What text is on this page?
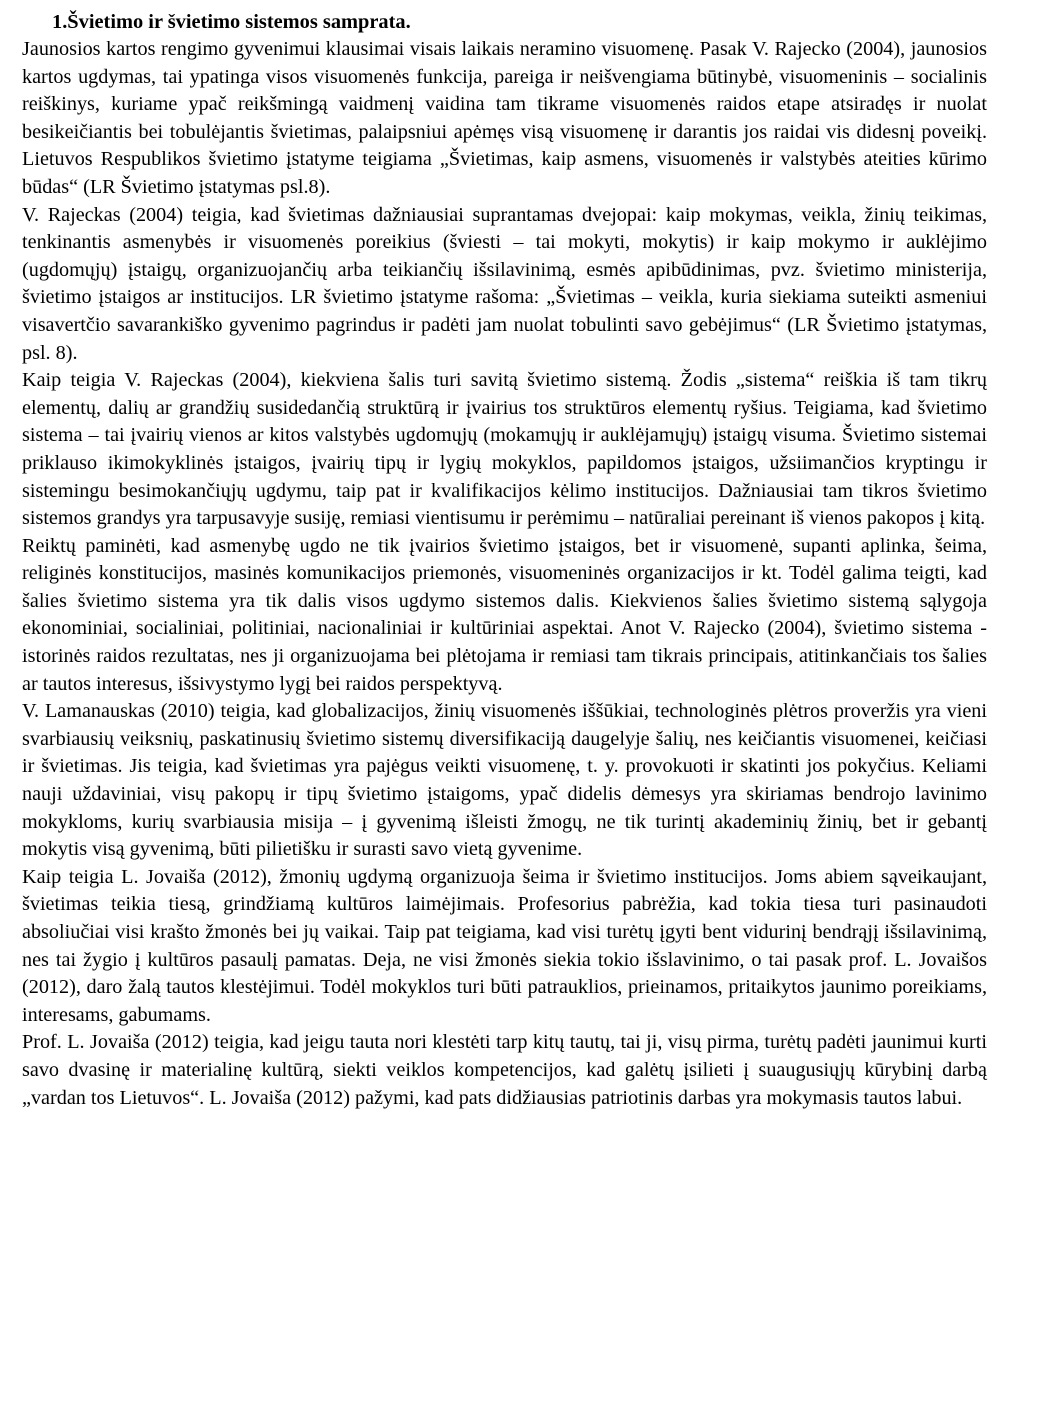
1.Švietimo ir švietimo sistemos samprata.

Jaunosios kartos rengimo gyvenimui klausimai visais laikais neramino visuomenę. Pasak V. Rajecko (2004), jaunosios kartos ugdymas, tai ypatinga visos visuomenės funkcija, pareiga ir neišvengiama būtinybė, visuomeninis – socialinis reiškinys, kuriame ypač reikšmingą vaidmenį vaidina tam tikrame visuomenės raidos etape atsiradęs ir nuolat besikeičiantis bei tobulėjantis švietimas, palaipsniui apėmęs visą visuomenę ir darantis jos raidai vis didesnį poveikį. Lietuvos Respublikos švietimo įstatyme teigiama „Švietimas, kaip asmens, visuomenės ir valstybės ateities kūrimo būdas“ (LR Švietimo įstatymas psl.8).

V. Rajeckas (2004) teigia, kad švietimas dažniausiai suprantamas dvejopai: kaip mokymas, veikla, žinių teikimas, tenkinantis asmenybės ir visuomenės poreikius (šviesti – tai mokyti, mokytis) ir kaip mokymo ir auklėjimo (ugdomųjų) įstaigų, organizuojančių arba teikiančių išsilavinimą, esmės apibūdinimas, pvz. švietimo ministerija, švietimo įstaigos ar institucijos. LR švietimo įstatyme rašoma: „Švietimas – veikla, kuria siekiama suteikti asmeniui visavertčio savarankiško gyvenimo pagrindus ir padėti jam nuolat tobulinti savo gebėjimus“ (LR Švietimo įstatymas, psl. 8).

Kaip teigia V. Rajeckas (2004), kiekviena šalis turi savitą švietimo sistemą. Žodis „sistema“ reiškia iš tam tikrų elementų, dalių ar grandžių susidedančią struktūrą ir įvairius tos struktūros elementų ryšius. Teigiama, kad švietimo sistema – tai įvairių vienos ar kitos valstybės ugdomųjų (mokamųjų ir auklėjamųjų) įstaigų visuma. Švietimo sistemai priklauso ikimokyklinės įstaigos, įvairių tipų ir lygių mokyklos, papildomos įstaigos, užsiimančios kryptingu ir sistemingu besimokančiųjų ugdymu, taip pat ir kvalifikacijos kėlimo institucijos. Dažniausiai tam tikros švietimo sistemos grandys yra tarpusavyje susiję, remiasi vientisumu ir perėmimu – natūraliai pereinant iš vienos pakopos į kitą.

Reiktų paminėti, kad asmenybę ugdo ne tik įvairios švietimo įstaigos, bet ir visuomenė, supanti aplinka, šeima, religinės konstitucijos, masinės komunikacijos priemonės, visuomeninės organizacijos ir kt. Todėl galima teigti, kad šalies švietimo sistema yra tik dalis visos ugdymo sistemos dalis. Kiekvienos šalies švietimo sistemą sąlygoja ekonominiai, socialiniai, politiniai, nacionaliniai ir kultūriniai aspektai. Anot V. Rajecko (2004), švietimo sistema - istorinės raidos rezultatas, nes ji organizuojama bei plėtojama ir remiasi tam tikrais principais, atitinkančiais tos šalies ar tautos interesus, išsivystymo lygį bei raidos perspektyvą.

V. Lamanauskas (2010) teigia, kad globalizacijos, žinių visuomenės iššūkiai, technologinės plėtros proveržis yra vieni svarbiausių veiksnių, paskatinusių švietimo sistemų diversifikaciją daugelyje šalių, nes keičiantis visuomenei, keičiasi ir švietimas. Jis teigia, kad švietimas yra pajėgus veikti visuomenę, t. y. provokuoti ir skatinti jos pokyčius. Keliami nauji uždaviniai, visų pakopų ir tipų švietimo įstaigoms, ypač didelis dėmesys yra skiriamas bendrojo lavinimo mokykloms, kurių svarbiausia misija – į gyvenimą išleisti žmogų, ne tik turintį akademinių žinių, bet ir gebantį mokytis visą gyvenimą, būti pilietišku ir surasti savo vietą gyvenime.

Kaip teigia L. Jovaiša (2012), žmonių ugdymą organizuoja šeima ir švietimo institucijos. Joms abiem sąveikaujant, švietimas teikia tiesą, grindžiamą kultūros laimėjimais. Profesorius pabrėžia, kad tokia tiesa turi pasinaudoti absoliučiai visi krašto žmonės bei jų vaikai. Taip pat teigiama, kad visi turėtų įgyti bent vidurinį bendrąjį išsilavinimą, nes tai žygio į kultūros pasaulį pamatas. Deja, ne visi žmonės siekia tokio išslavinimo, o tai pasak prof. L. Jovaišos (2012), daro žalą tautos klestėjimui. Todėl mokyklos turi būti patrauklios, prieinamos, pritaikytos jaunimo poreikiams, interesams, gabumams.

Prof. L. Jovaiša (2012) teigia, kad jeigu tauta nori klestėti tarp kitų tautų, tai ji, visų pirma, turėtų padėti jaunimui kurti savo dvasinę ir materialinę kultūrą, siekti veiklos kompetencijos, kad galėtų įsilieti į suaugusiųjų kūrybinį darbą „vardan tos Lietuvos“. L. Jovaiša (2012) pažymi, kad pats didžiausias patriotinis darbas yra mokymasis tautos labui.
